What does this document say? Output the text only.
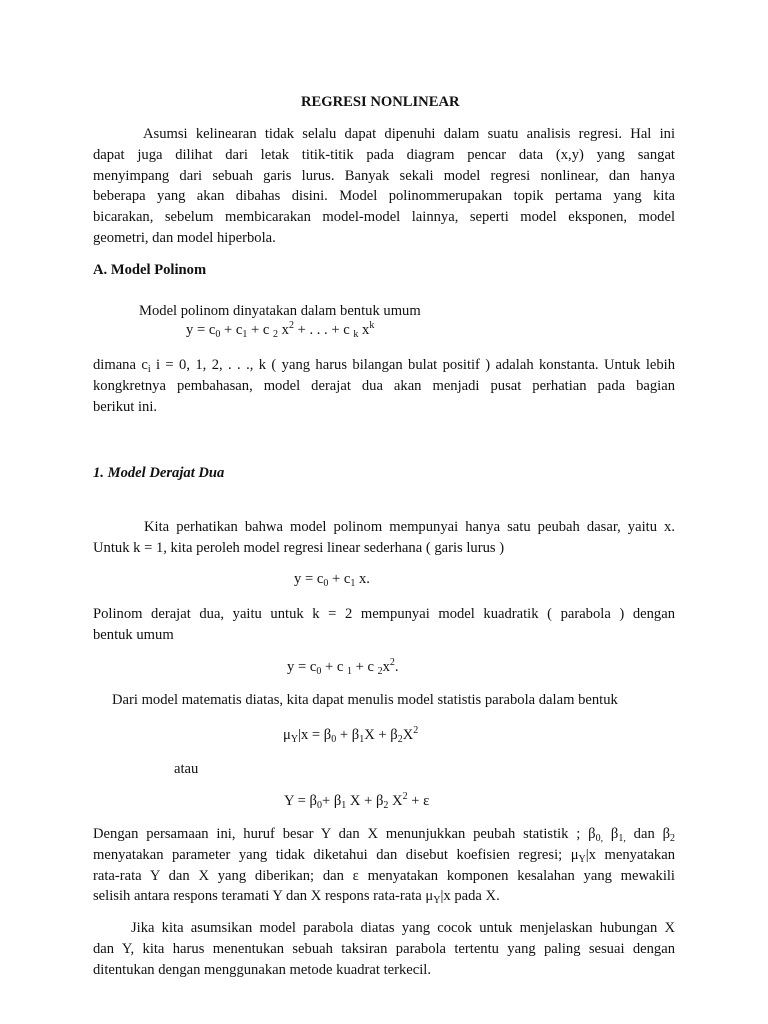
REGRESI NONLINEAR
Asumsi kelinearan tidak selalu dapat dipenuhi dalam suatu analisis regresi. Hal ini
dapat juga dilihat dari letak titik-titik pada diagram pencar data (x,y) yang sangat
menyimpang dari sebuah garis lurus. Banyak sekali model regresi nonlinear, dan hanya
beberapa yang akan dibahas disini. Model polinommerupakan topik pertama yang kita
bicarakan, sebelum membicarakan model-model lainnya, seperti model eksponen, model
geometri, dan model hiperbola.
A. Model Polinom
Model polinom dinyatakan dalam bentuk umum
$y = c_0 + c_1 + c$ $_2$ $x^2$ + . . . + c $_k$ $x^k$
dimana $c_i$ i = 0, 1, 2, . . ., k ( yang harus bilangan bulat positif ) adalah konstanta. Untuk lebih
kongkretnya pembahasan, model derajat dua akan menjadi pusat perhatian pada bagian
berikut ini.
1. Model Derajat Dua
Kita perhatikan bahwa model polinom mempunyai hanya satu peubah dasar, yaitu x.
Untuk k = 1, kita peroleh model regresi linear sederhana ( garis lurus )
$y = c_0 + c_1$ x.
Polinom derajat dua, yaitu untuk k = 2 mempunyai model kuadratik ( parabola ) dengan
bentuk umum
$y = c_0 + c$ $_1$ + c $_2x^2$.
Dari model matematis diatas, kita dapat menulis model statistis parabola dalam bentuk
$\mu_Y|x = \beta_0 + \beta_1X + \beta_2X^2$
atau
$Y = \beta_0+ \beta_1$ $X + \beta_2$ $X^2 + \varepsilon$
Dengan persamaan ini, huruf besar Y dan X menunjukkan peubah statistik ; $\beta_{0,}$ $\beta_{1,}$ dan $\beta_2$
menyatakan parameter yang tidak diketahui dan disebut koefisien regresi; $\mu_Y|x$ menyatakan
rata-rata Y dan X yang diberikan; dan ε menyatakan komponen kesalahan yang mewakili
selisih antara respons teramati Y dan X respons rata-rata $\mu_Y|x$ pada X.
Jika kita asumsikan model parabola diatas yang cocok untuk menjelaskan hubungan X
dan Y, kita harus menentukan sebuah taksiran parabola tertentu yang paling sesuai dengan
ditentukan dengan menggunakan metode kuadrat terkecil.
